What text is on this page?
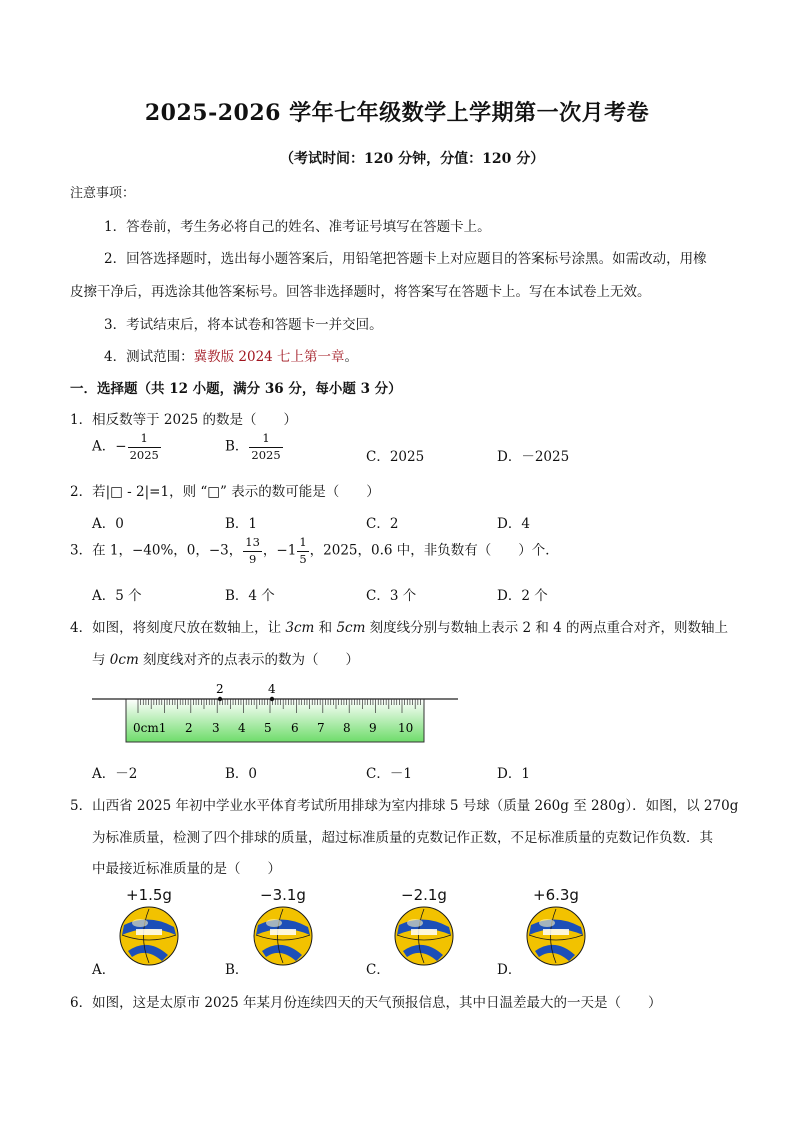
2025-2026 学年七年级数学上学期第一次月考卷
（考试时间：120 分钟，分值：120 分）
注意事项：
1．答卷前，考生务必将自己的姓名、准考证号填写在答题卡上。
2．回答选择题时，选出每小题答案后，用铅笔把答题卡上对应题目的答案标号涂黑。如需改动，用橡
皮擦干净后，再选涂其他答案标号。回答非选择题时，将答案写在答题卡上。写在本试卷上无效。
3．考试结束后，将本试卷和答题卡一并交回。
4．测试范围：冀教版 2024 七上第一章。
一．选择题（共 12 小题，满分 36 分，每小题 3 分）
1．相反数等于 2025 的数是（　　）
A．− $\frac{1}{2025}$	B． $\frac{1}{2025}$	C．2025	D．－2025
2．若|□ - 2|=1，则 “□” 表示的数可能是（　　）
A．0	B．1	C．2	D．4
3．在 1，−40%，0，−3， $\frac{13}{9}$ ，$-1 \frac{1}{5}$ ，2025，0.6 中，非负数有（　　）个．
A．5 个	B．4 个	C．3 个	D．2 个
4．如图，将刻度尺放在数轴上，让 3cm 和 5cm 刻度线分别与数轴上表示 2 和 4 的两点重合对齐，则数轴上
与 0cm 刻度线对齐的点表示的数为（　　）
2	4
0cm1 2 3 4 5 6 7 8 9 10
A．－2	B．0	C．－1	D．1
5．山西省 2025 年初中学业水平体育考试所用排球为室内排球 5 号球（质量 260g 至 280g）．如图，以 270g
为标准质量，检测了四个排球的质量，超过标准质量的克数记作正数，不足标准质量的克数记作负数．其
中最接近标准质量的是（　　）
+1.5g
A．
−3.1g
B．
−2.1g
C．
+6.3g
D．
6．如图，这是太原市 2025 年某月份连续四天的天气预报信息，其中日温差最大的一天是（　　）
